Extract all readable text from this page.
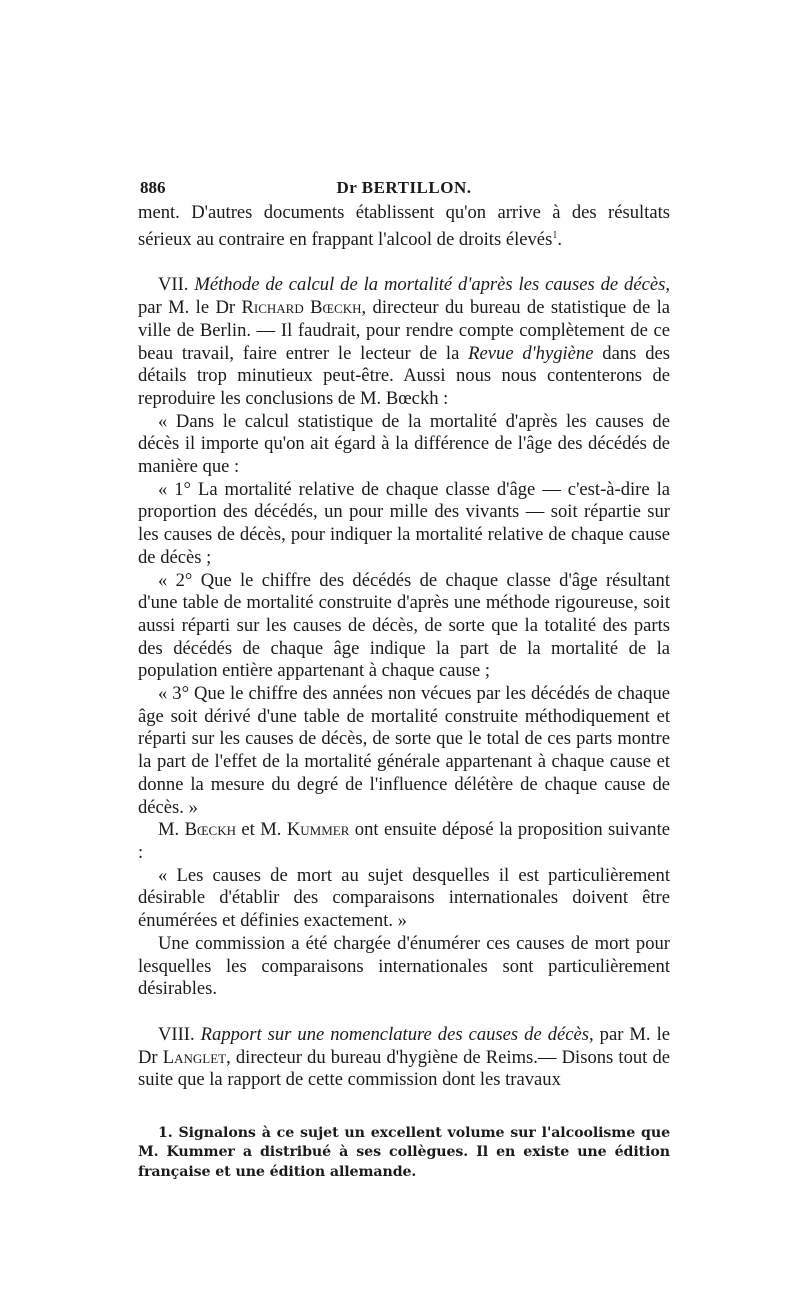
886	Dr BERTILLON.

ment. D'autres documents établissent qu'on arrive à des résultats sérieux au contraire en frappant l'alcool de droits élevés$^1$.

VII. Méthode de calcul de la mortalité d'après les causes de décès, par M. le Dr Richard Bœckh, directeur du bureau de statistique de la ville de Berlin. — Il faudrait, pour rendre compte complètement de ce beau travail, faire entrer le lecteur de la Revue d'hygiène dans des détails trop minutieux peut-être. Aussi nous nous contenterons de reproduire les conclusions de M. Bœckh :

« Dans le calcul statistique de la mortalité d'après les causes de décès il importe qu'on ait égard à la différence de l'âge des décédés de manière que :

« 1° La mortalité relative de chaque classe d'âge — c'est-à-dire la proportion des décédés, un pour mille des vivants — soit répartie sur les causes de décès, pour indiquer la mortalité relative de chaque cause de décès ;

« 2° Que le chiffre des décédés de chaque classe d'âge résultant d'une table de mortalité construite d'après une méthode rigoureuse, soit aussi réparti sur les causes de décès, de sorte que la totalité des parts des décédés de chaque âge indique la part de la mortalité de la population entière appartenant à chaque cause ;

« 3° Que le chiffre des années non vécues par les décédés de chaque âge soit dérivé d'une table de mortalité construite méthodiquement et réparti sur les causes de décès, de sorte que le total de ces parts montre la part de l'effet de la mortalité générale appartenant à chaque cause et donne la mesure du degré de l'influence délétère de chaque cause de décès. »

M. Bœckh et M. Kummer ont ensuite déposé la proposition suivante :

« Les causes de mort au sujet desquelles il est particulièrement désirable d'établir des comparaisons internationales doivent être énumérées et définies exactement. »

Une commission a été chargée d'énumérer ces causes de mort pour lesquelles les comparaisons internationales sont particulièrement désirables.

VIII. Rapport sur une nomenclature des causes de décès, par M. le Dr Langlet, directeur du bureau d'hygiène de Reims.— Disons tout de suite que la rapport de cette commission dont les travaux

1. Signalons à ce sujet un excellent volume sur l'alcoolisme que M. Kummer a distribué à ses collègues. Il en existe une édition française et une édition allemande.
